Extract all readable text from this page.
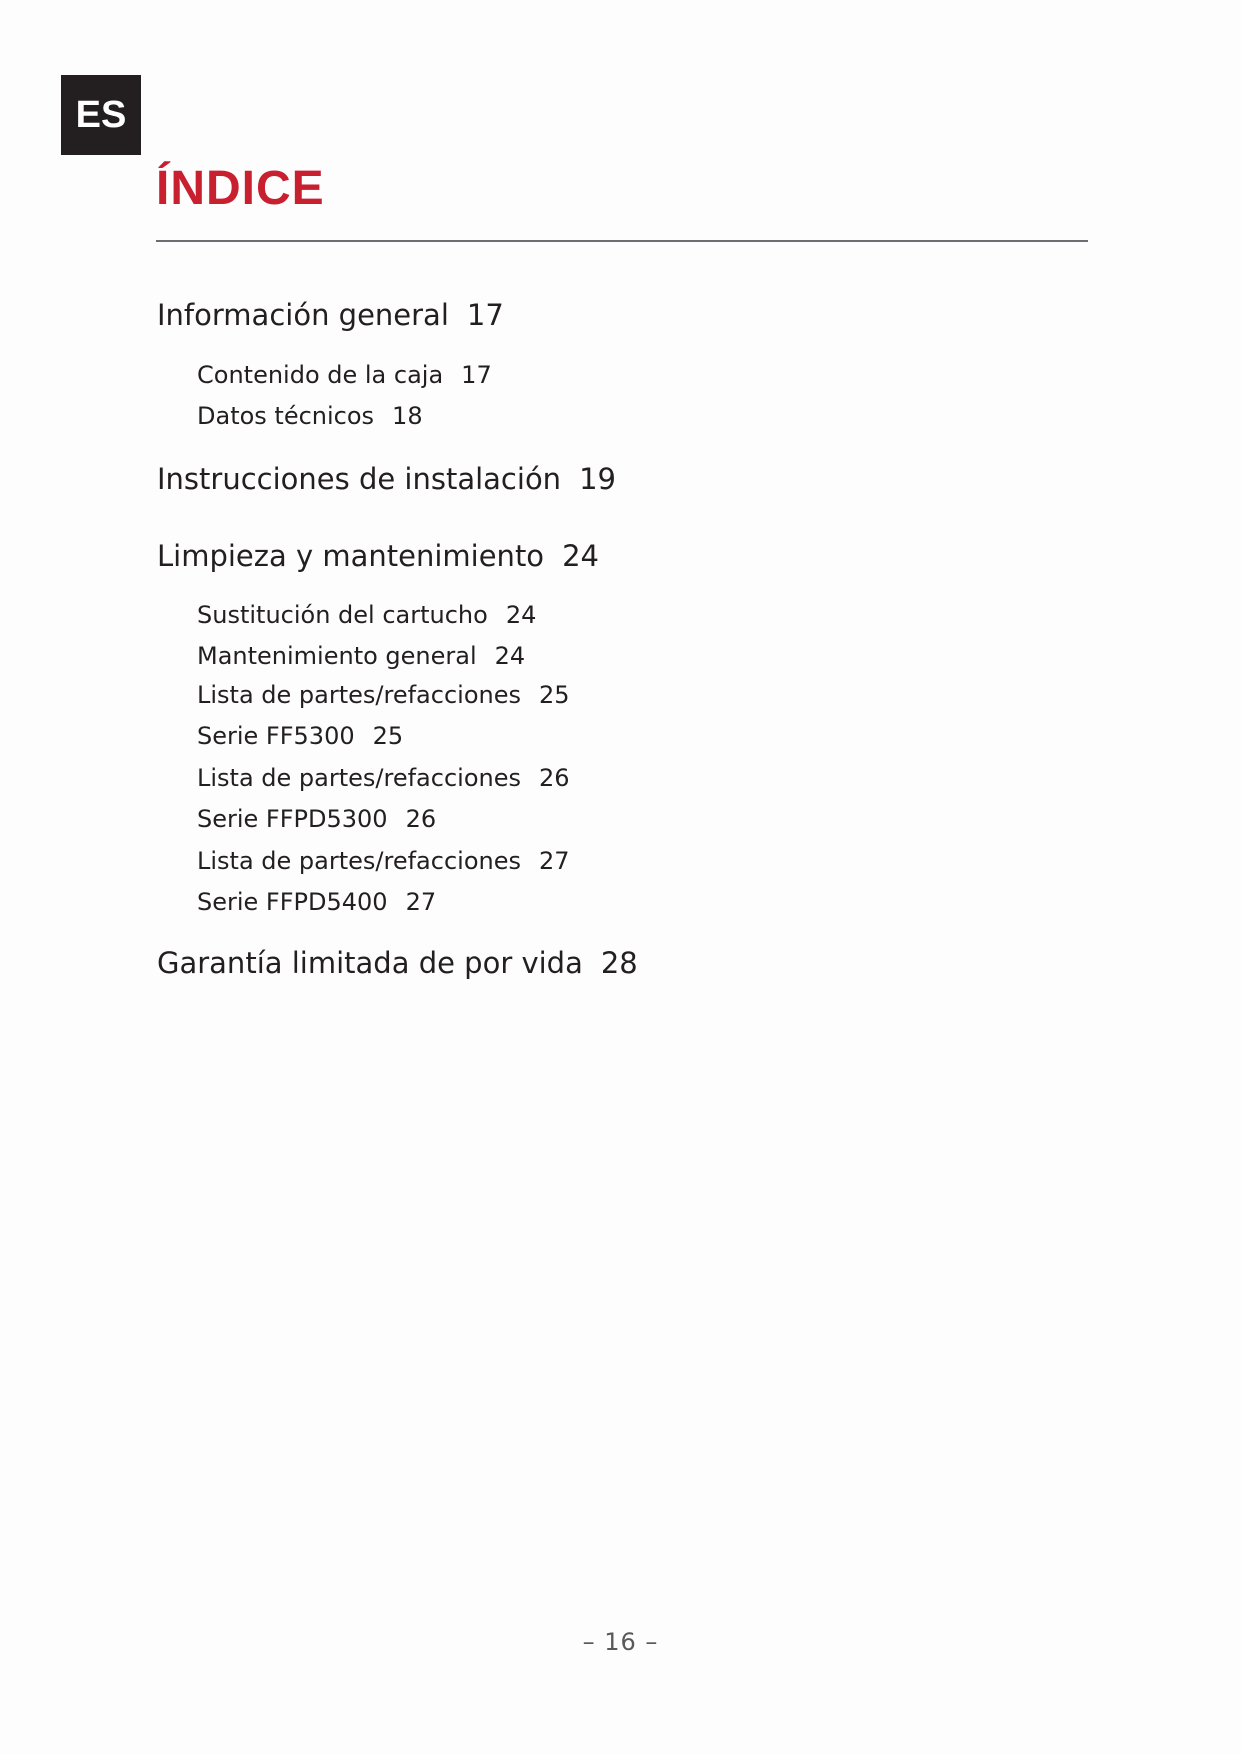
ES
ÍNDICE
Información general 17
Contenido de la caja 17
Datos técnicos 18
Instrucciones de instalación 19
Limpieza y mantenimiento 24
Sustitución del cartucho 24
Mantenimiento general 24
Lista de partes/refacciones 25
Serie FF5300 25
Lista de partes/refacciones 26
Serie FFPD5300 26
Lista de partes/refacciones 27
Serie FFPD5400 27
Garantía limitada de por vida 28
– 16 –
